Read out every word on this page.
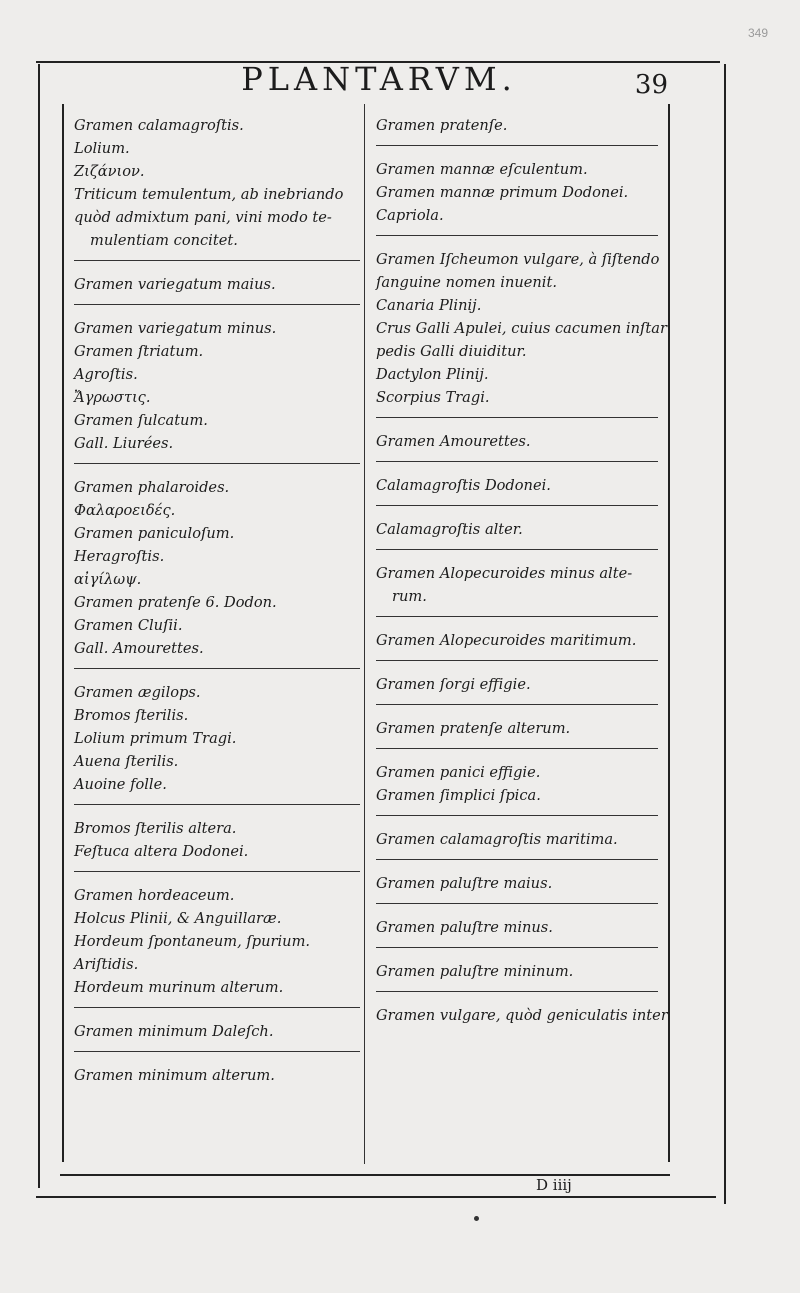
349
PLANTARVM.	39
Gramen calamagroſtis.
Lolium.
Ζιζάνιον.
Triticum temulentum, ab inebriando
quòd admixtum pani, vini modo te-
mulentiam concitet.
Gramen variegatum maius.
Gramen variegatum minus.
Gramen ſtriatum.
Agroſtis.
Ἄγρωστις.
Gramen ſulcatum.
Gall. Liurées.
Gramen phalaroides.
Φαλαροειδές.
Gramen paniculoſum.
Heragroſtis.
αἰγίλωψ.
Gramen pratenſe 6. Dodon.
Gramen Cluſii.
Gall. Amourettes.
Gramen ægilops.
Bromos ſterilis.
Lolium primum Tragi.
Auena ſterilis.
Auoine folle.
Bromos ſterilis altera.
Feſtuca altera Dodonei.
Gramen hordeaceum.
Holcus Plinii, & Anguillaræ.
Hordeum ſpontaneum, ſpurium.
Ariſtidis.
Hordeum murinum alterum.
Gramen minimum Daleſch.
Gramen minimum alterum.
Gramen pratenſe.
Gramen mannæ eſculentum.
Gramen mannæ primum Dodonei.
Capriola.
Gramen Iſcheumon vulgare, à ſiſtendo
ſanguine nomen inuenit.
Canaria Plinij.
Crus Galli Apulei, cuius cacumen inſtar
pedis Galli diuiditur.
Dactylon Plinij.
Scorpius Tragi.
Gramen Amourettes.
Calamagroſtis Dodonei.
Calamagroſtis alter.
Gramen Alopecuroides minus alte-
rum.
Gramen Alopecuroides maritimum.
Gramen ſorgi effigie.
Gramen pratenſe alterum.
Gramen panici effigie.
Gramen ſimplici ſpica.
Gramen calamagroſtis maritima.
Gramen paluſtre maius.
Gramen paluſtre minus.
Gramen paluſtre mininum.
Gramen vulgare, quòd geniculatis inter
D iiij
